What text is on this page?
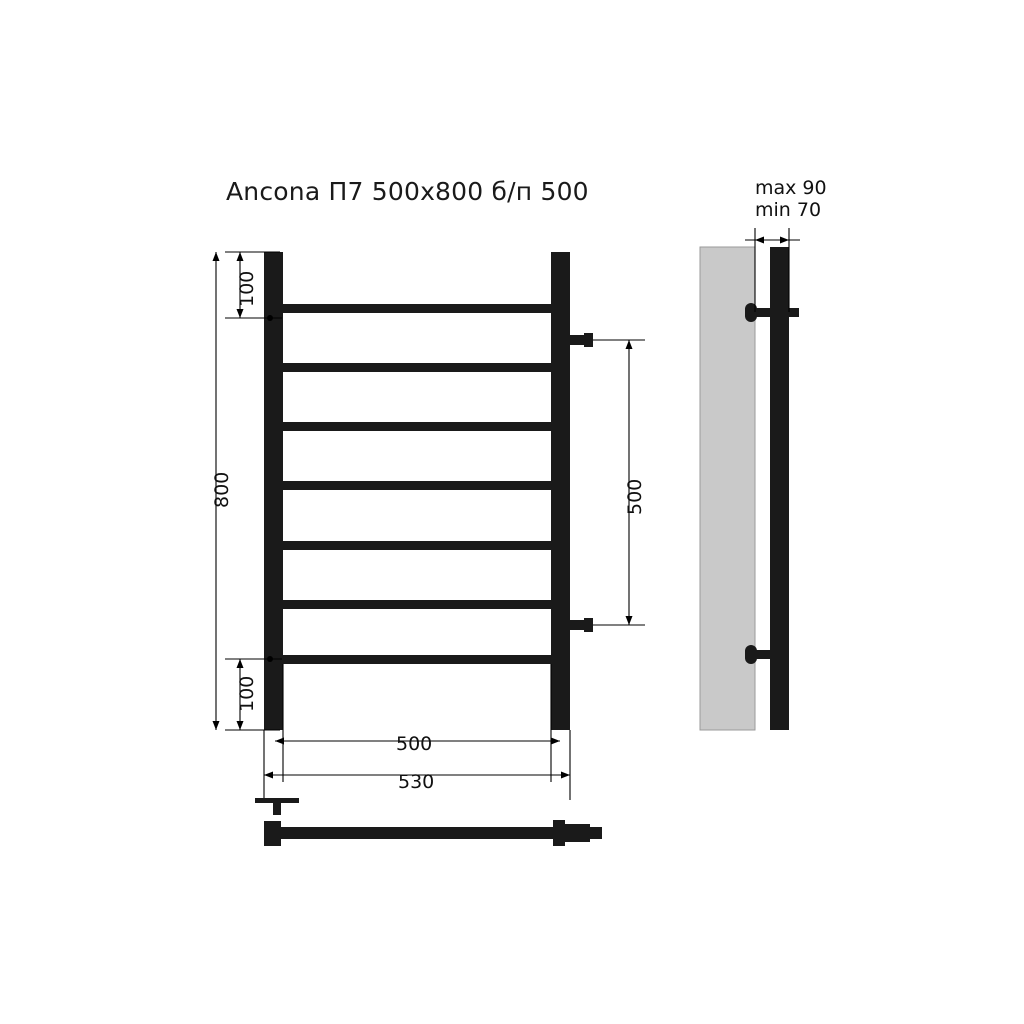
Ancona П7 500x800 б/п 500
100
800
100
500
500
530
max 90
min 70
